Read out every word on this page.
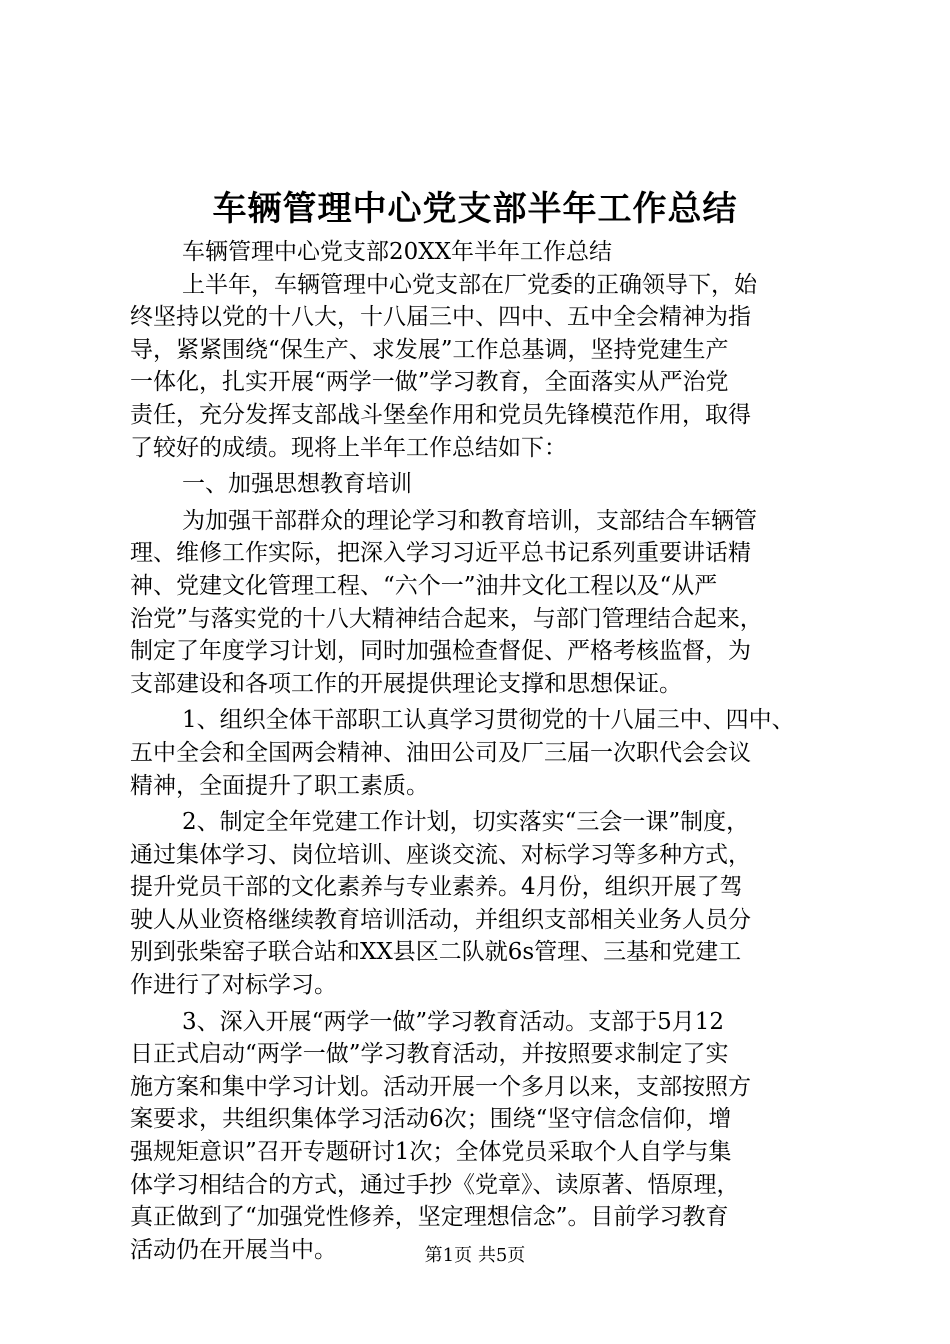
车辆管理中心党支部半年工作总结
车辆管理中心党支部20XX年半年工作总结
上半年，车辆管理中心党支部在厂党委的正确领导下，始
终坚持以党的十八大，十八届三中、四中、五中全会精神为指
导，紧紧围绕“保生产、求发展”工作总基调，坚持党建生产
一体化，扎实开展“两学一做”学习教育，全面落实从严治党
责任，充分发挥支部战斗堡垒作用和党员先锋模范作用，取得
了较好的成绩。现将上半年工作总结如下：
一、加强思想教育培训
为加强干部群众的理论学习和教育培训，支部结合车辆管
理、维修工作实际，把深入学习习近平总书记系列重要讲话精
神、党建文化管理工程、“六个一”油井文化工程以及“从严
治党”与落实党的十八大精神结合起来，与部门管理结合起来，
制定了年度学习计划，同时加强检查督促、严格考核监督，为
支部建设和各项工作的开展提供理论支撑和思想保证。
1、组织全体干部职工认真学习贯彻党的十八届三中、四中、
五中全会和全国两会精神、油田公司及厂三届一次职代会会议
精神，全面提升了职工素质。
2、制定全年党建工作计划，切实落实“三会一课”制度，
通过集体学习、岗位培训、座谈交流、对标学习等多种方式，
提升党员干部的文化素养与专业素养。4月份，组织开展了驾
驶人从业资格继续教育培训活动，并组织支部相关业务人员分
别到张柴窑子联合站和XX县区二队就6s管理、三基和党建工
作进行了对标学习。
3、深入开展“两学一做”学习教育活动。支部于5月12
日正式启动“两学一做”学习教育活动，并按照要求制定了实
施方案和集中学习计划。活动开展一个多月以来，支部按照方
案要求，共组织集体学习活动6次；围绕“坚守信念信仰，增
强规矩意识”召开专题研讨1次；全体党员采取个人自学与集
体学习相结合的方式，通过手抄《党章》、读原著、悟原理，
真正做到了“加强党性修养，坚定理想信念”。目前学习教育
活动仍在开展当中。	第1页 共5页
